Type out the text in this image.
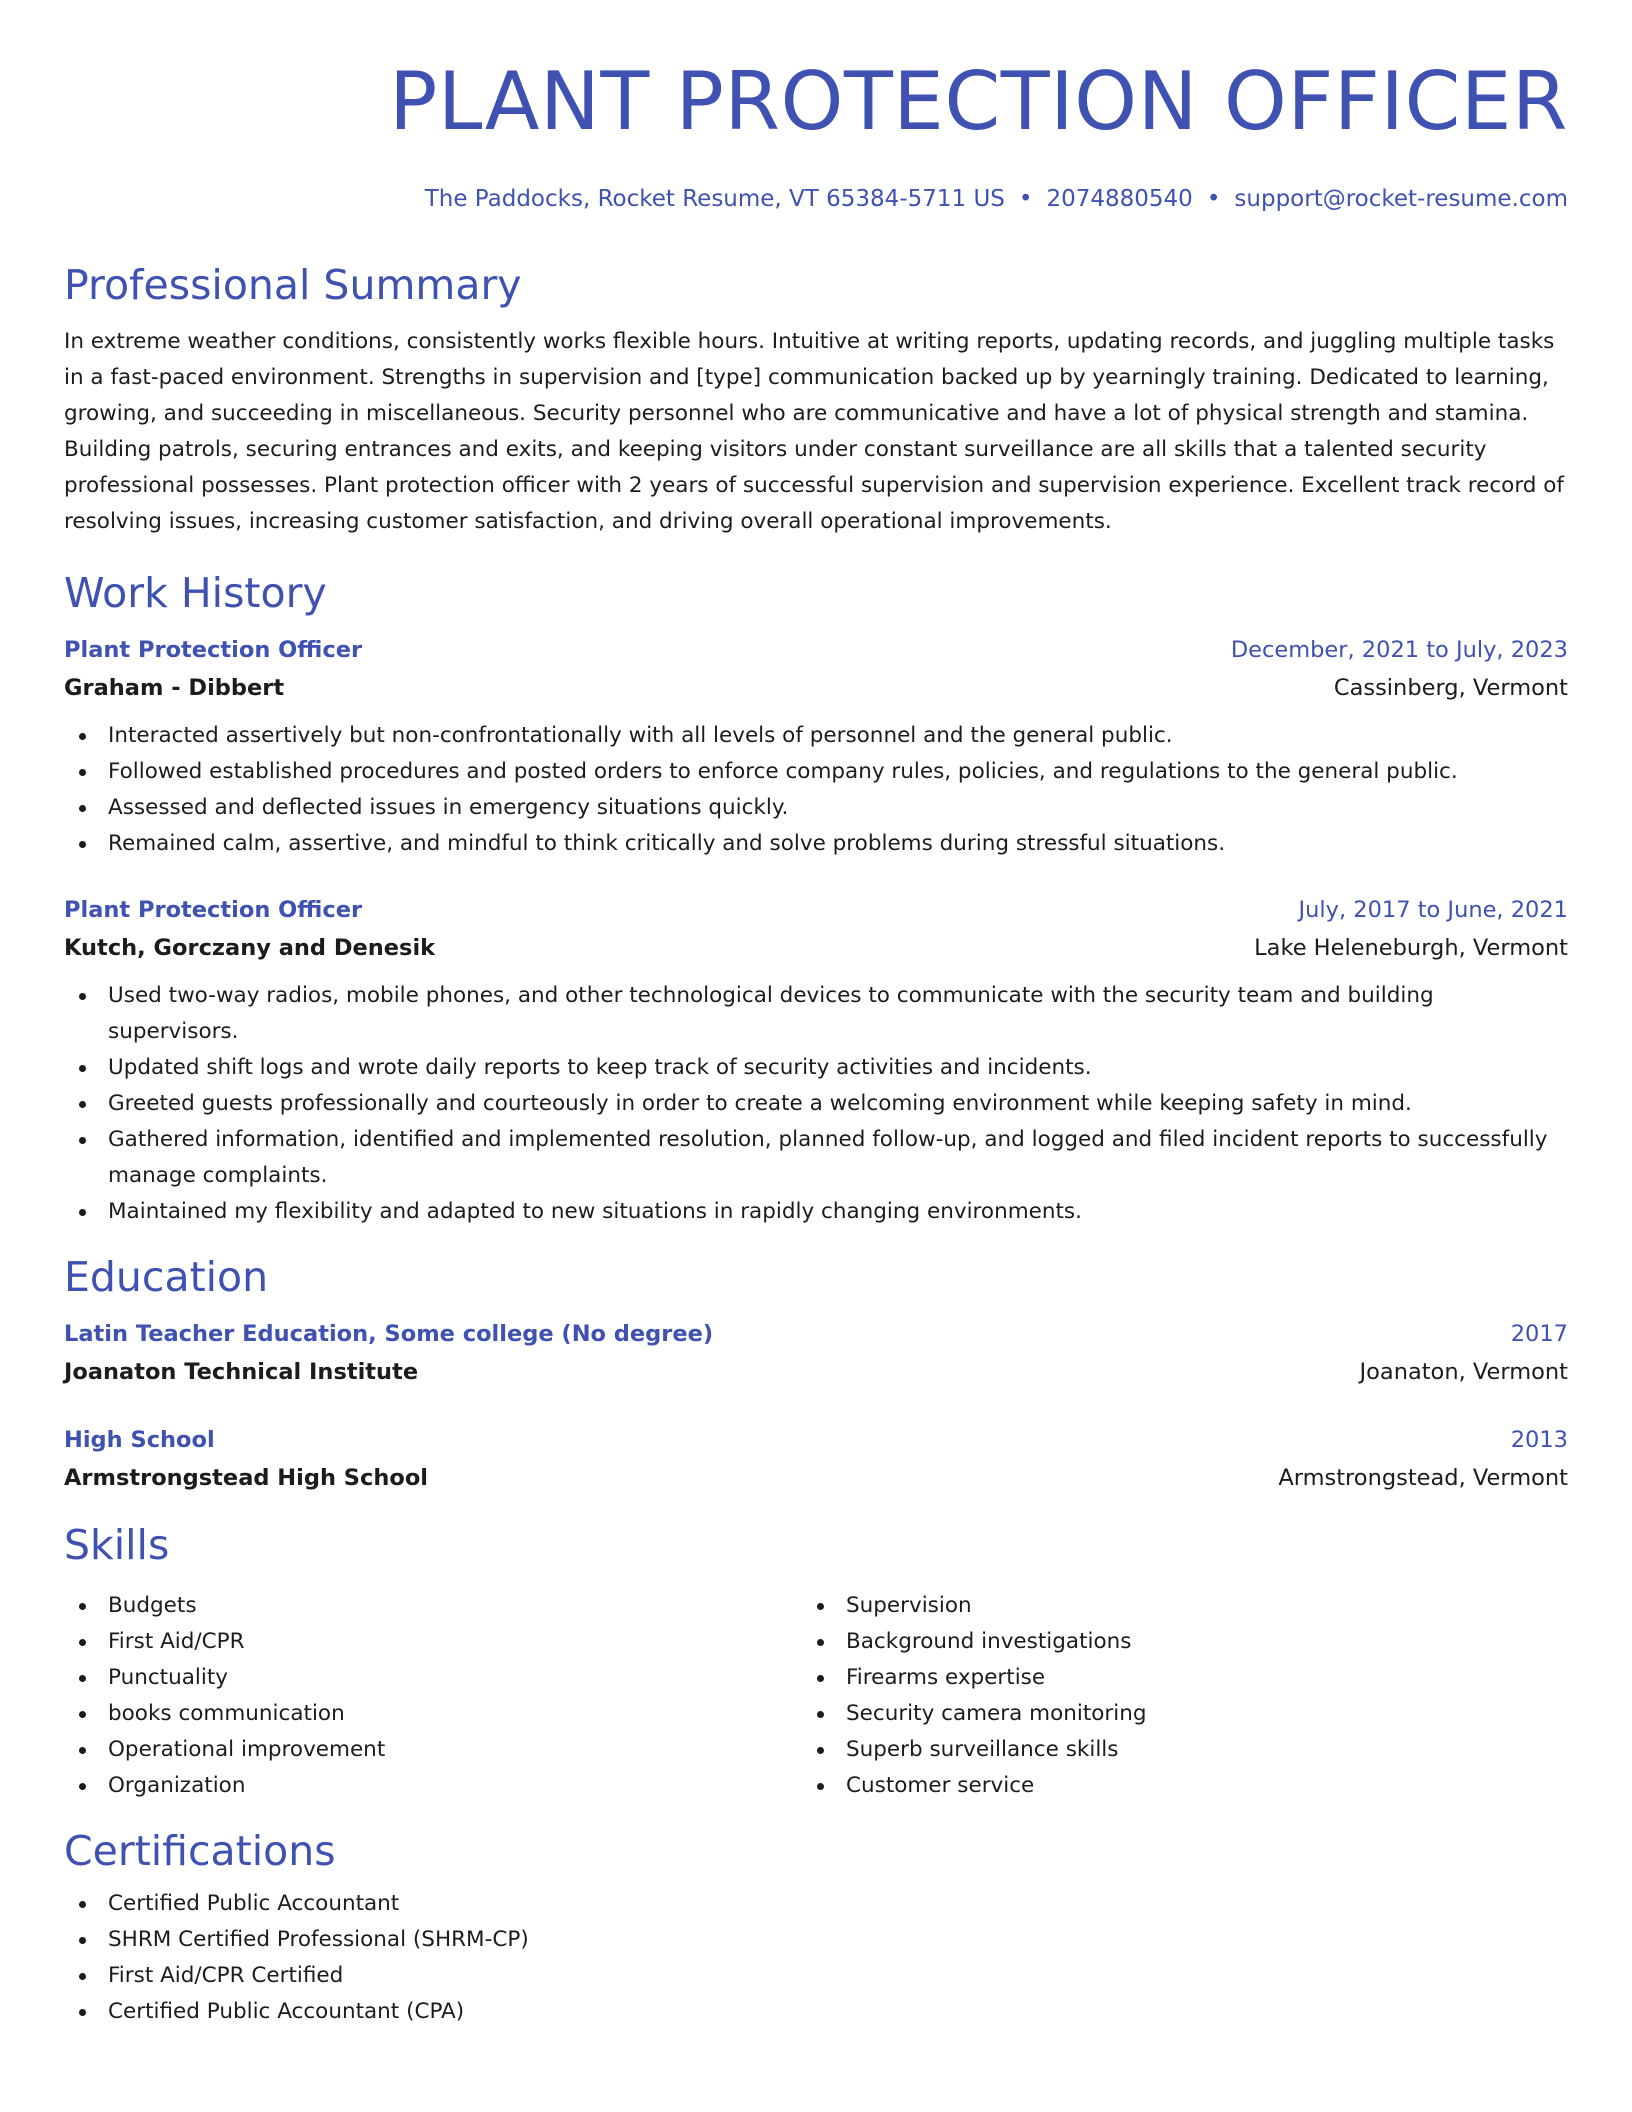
PLANT PROTECTION OFFICER
The Paddocks, Rocket Resume, VT 65384-5711 US • 2074880540 • support@rocket-resume.com
Professional Summary

In extreme weather conditions, consistently works flexible hours. Intuitive at writing reports, updating records, and juggling multiple tasks in a fast-paced environment. Strengths in supervision and [type] communication backed up by yearningly training. Dedicated to learning, growing, and succeeding in miscellaneous. Security personnel who are communicative and have a lot of physical strength and stamina. Building patrols, securing entrances and exits, and keeping visitors under constant surveillance are all skills that a talented security professional possesses. Plant protection officer with 2 years of successful supervision and supervision experience. Excellent track record of resolving issues, increasing customer satisfaction, and driving overall operational improvements.

Work History
Plant Protection Officer	December, 2021 to July, 2023
Graham - Dibbert	Cassinberg, Vermont
Interacted assertively but non-confrontationally with all levels of personnel and the general public.
Followed established procedures and posted orders to enforce company rules, policies, and regulations to the general public.
Assessed and deflected issues in emergency situations quickly.
Remained calm, assertive, and mindful to think critically and solve problems during stressful situations.
Plant Protection Officer	July, 2017 to June, 2021
Kutch, Gorczany and Denesik	Lake Heleneburgh, Vermont
Used two-way radios, mobile phones, and other technological devices to communicate with the security team and building supervisors.
Updated shift logs and wrote daily reports to keep track of security activities and incidents.
Greeted guests professionally and courteously in order to create a welcoming environment while keeping safety in mind.
Gathered information, identified and implemented resolution, planned follow-up, and logged and filed incident reports to successfully manage complaints.
Maintained my flexibility and adapted to new situations in rapidly changing environments.
Education
Latin Teacher Education, Some college (No degree)	2017
Joanaton Technical Institute	Joanaton, Vermont
High School	2013
Armstrongstead High School	Armstrongstead, Vermont
Skills
Budgets
First Aid/CPR
Punctuality
books communication
Operational improvement
Organization
Supervision
Background investigations
Firearms expertise
Security camera monitoring
Superb surveillance skills
Customer service
Certifications
Certified Public Accountant
SHRM Certified Professional (SHRM-CP)
First Aid/CPR Certified
Certified Public Accountant (CPA)
